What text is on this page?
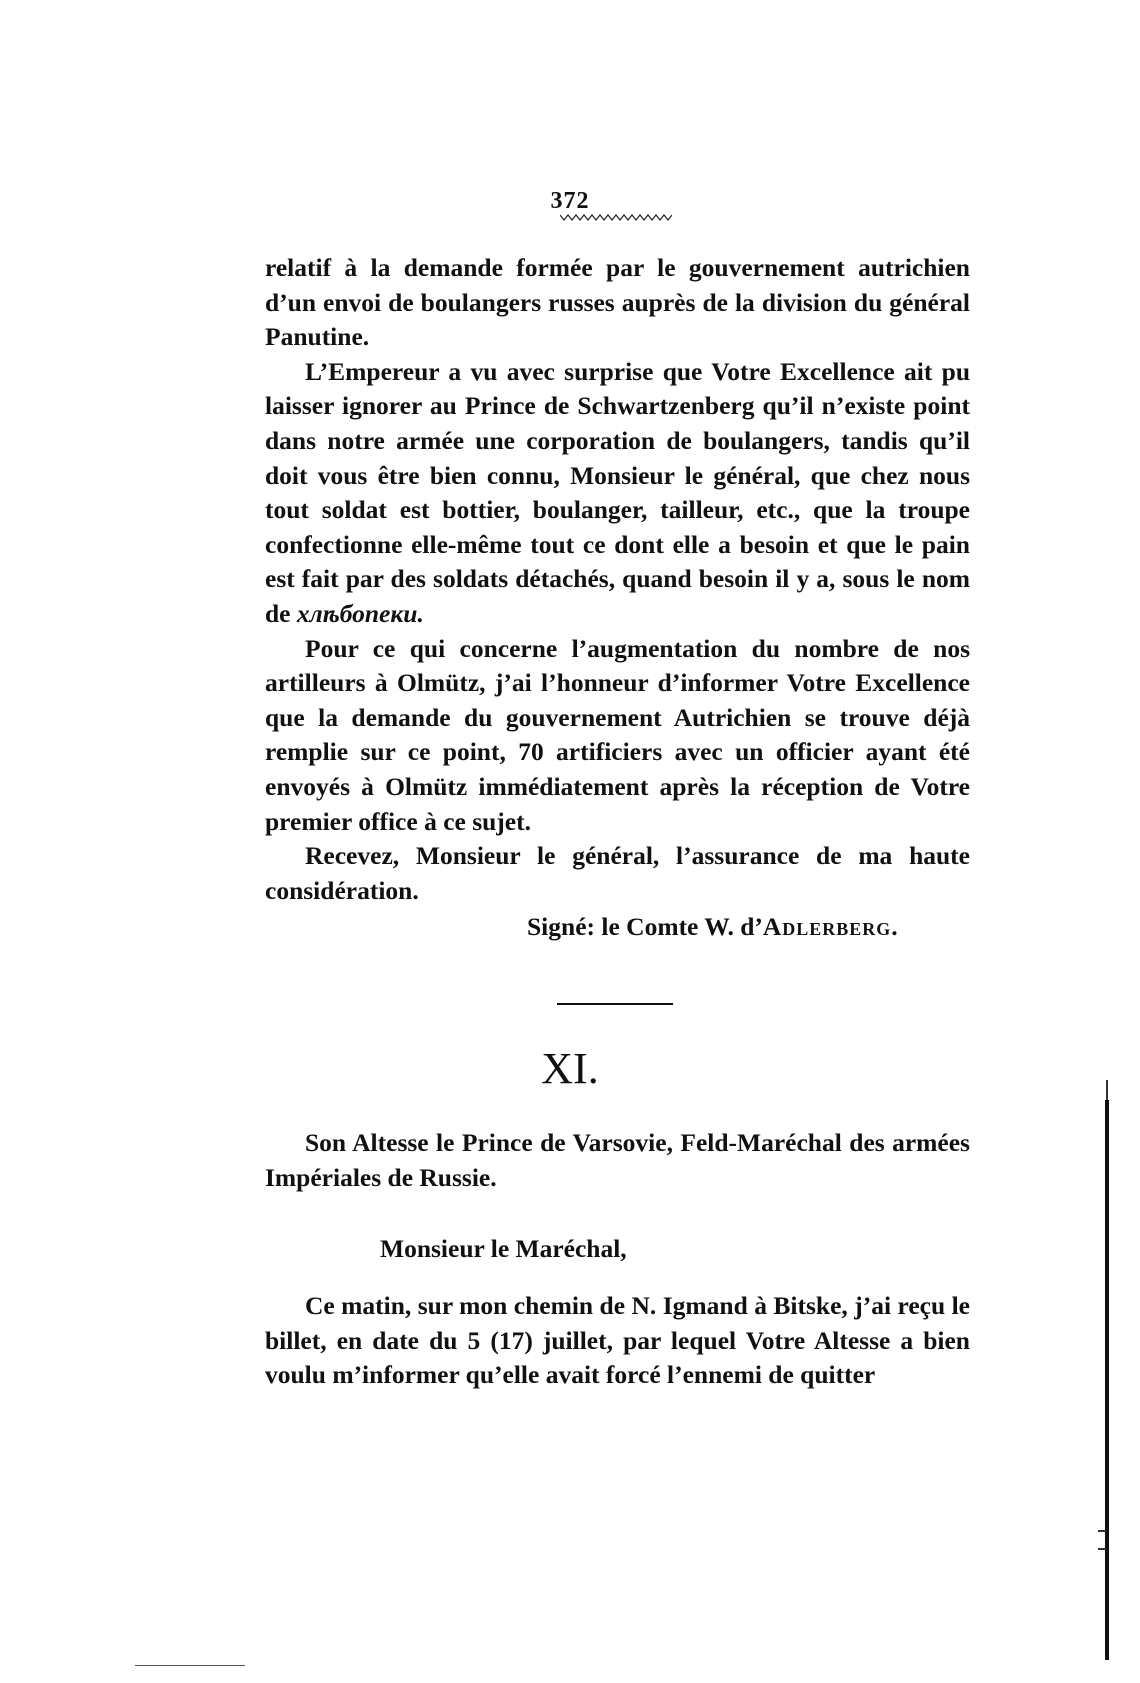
372

relatif à la demande formée par le gouvernement autrichien d’un envoi de boulangers russes auprès de la division du général Panutine.

L’Empereur a vu avec surprise que Votre Excellence ait pu laisser ignorer au Prince de Schwartzenberg qu’il n’existe point dans notre armée une corporation de boulangers, tandis qu’il doit vous être bien connu, Monsieur le général, que chez nous tout soldat est bottier, boulanger, tailleur, etc., que la troupe confectionne elle-même tout ce dont elle a besoin et que le pain est fait par des soldats détachés, quand besoin il y a, sous le nom de хлѣбопеки.

Pour ce qui concerne l’augmentation du nombre de nos artilleurs à Olmütz, j’ai l’honneur d’informer Votre Excellence que la demande du gouvernement Autrichien se trouve déjà remplie sur ce point, 70 artificiers avec un officier ayant été envoyés à Olmütz immédiatement après la réception de Votre premier office à ce sujet.

Recevez, Monsieur le général, l’assurance de ma haute considération.

Signé: le Comte W. d’Adlerberg.
XI.

Son Altesse le Prince de Varsovie, Feld-Maréchal des armées Impériales de Russie.

Monsieur le Maréchal,

Ce matin, sur mon chemin de N. Igmand à Bitske, j’ai reçu le billet, en date du 5 (17) juillet, par lequel Votre Altesse a bien voulu m’informer qu’elle avait forcé l’ennemi de quitter
